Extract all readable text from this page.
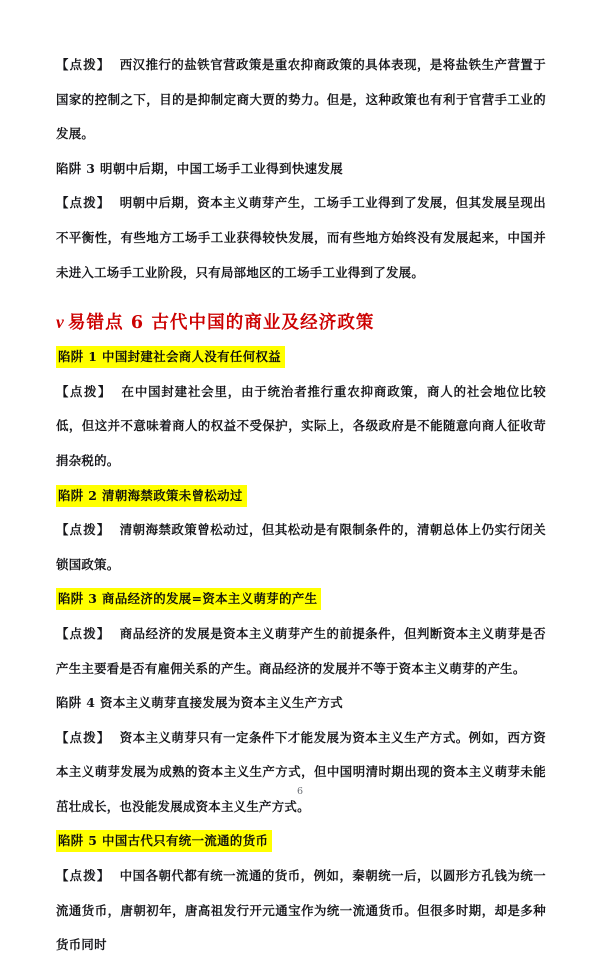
【点拨】 西汉推行的盐铁官营政策是重农抑商政策的具体表现，是将盐铁生产营置于国家的控制之下，目的是抑制定商大贾的势力。但是，这种政策也有利于官营手工业的发展。

陷阱 3 明朝中后期，中国工场手工业得到快速发展

【点拨】 明朝中后期，资本主义萌芽产生，工场手工业得到了发展，但其发展呈现出不平衡性，有些地方工场手工业获得较快发展，而有些地方始终没有发展起来，中国并未进入工场手工业阶段，只有局部地区的工场手工业得到了发展。

v 易错点 6 古代中国的商业及经济政策

陷阱 1 中国封建社会商人没有任何权益

【点拨】 在中国封建社会里，由于统治者推行重农抑商政策，商人的社会地位比较低，但这并不意味着商人的权益不受保护，实际上，各级政府是不能随意向商人征收苛捐杂税的。

陷阱 2 清朝海禁政策未曾松动过

【点拨】 清朝海禁政策曾松动过，但其松动是有限制条件的，清朝总体上仍实行闭关锁国政策。

陷阱 3 商品经济的发展=资本主义萌芽的产生

【点拨】 商品经济的发展是资本主义萌芽产生的前提条件，但判断资本主义萌芽是否产生主要看是否有雇佣关系的产生。商品经济的发展并不等于资本主义萌芽的产生。

陷阱 4 资本主义萌芽直接发展为资本主义生产方式

【点拨】 资本主义萌芽只有一定条件下才能发展为资本主义生产方式。例如，西方资本主义萌芽发展为成熟的资本主义生产方式，但中国明清时期出现的资本主义萌芽未能茁壮成长，也没能发展成资本主义生产方式。

陷阱 5 中国古代只有统一流通的货币

【点拨】 中国各朝代都有统一流通的货币，例如，秦朝统一后，以圆形方孔钱为统一流通货币，唐朝初年，唐高祖发行开元通宝作为统一流通货币。但很多时期，却是多种货币同时

6
